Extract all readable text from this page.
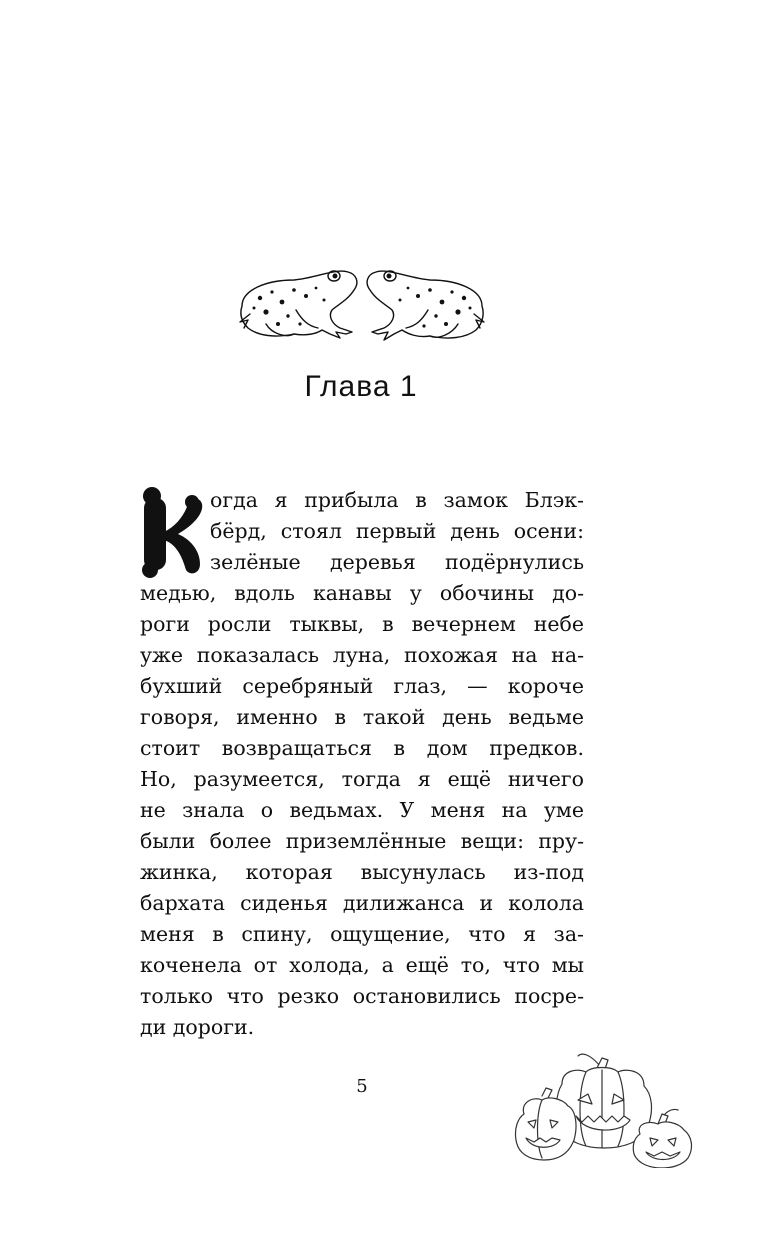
Глава 1
огда я прибыла в замок Блэк-
бёрд, стоял первый день осени:
зелёные деревья подёрнулись
медью, вдоль канавы у обочины до-
роги росли тыквы, в вечернем небе
уже показалась луна, похожая на на-
бухший серебряный глаз, — короче
говоря, именно в такой день ведьме
стоит возвращаться в дом предков.
Но, разумеется, тогда я ещё ничего
не знала о ведьмах. У меня на уме
были более приземлённые вещи: пру-
жинка, которая высунулась из-под
бархата сиденья дилижанса и колола
меня в спину, ощущение, что я за-
коченела от холода, а ещё то, что мы
только что резко остановились посре-
ди дороги.
5
